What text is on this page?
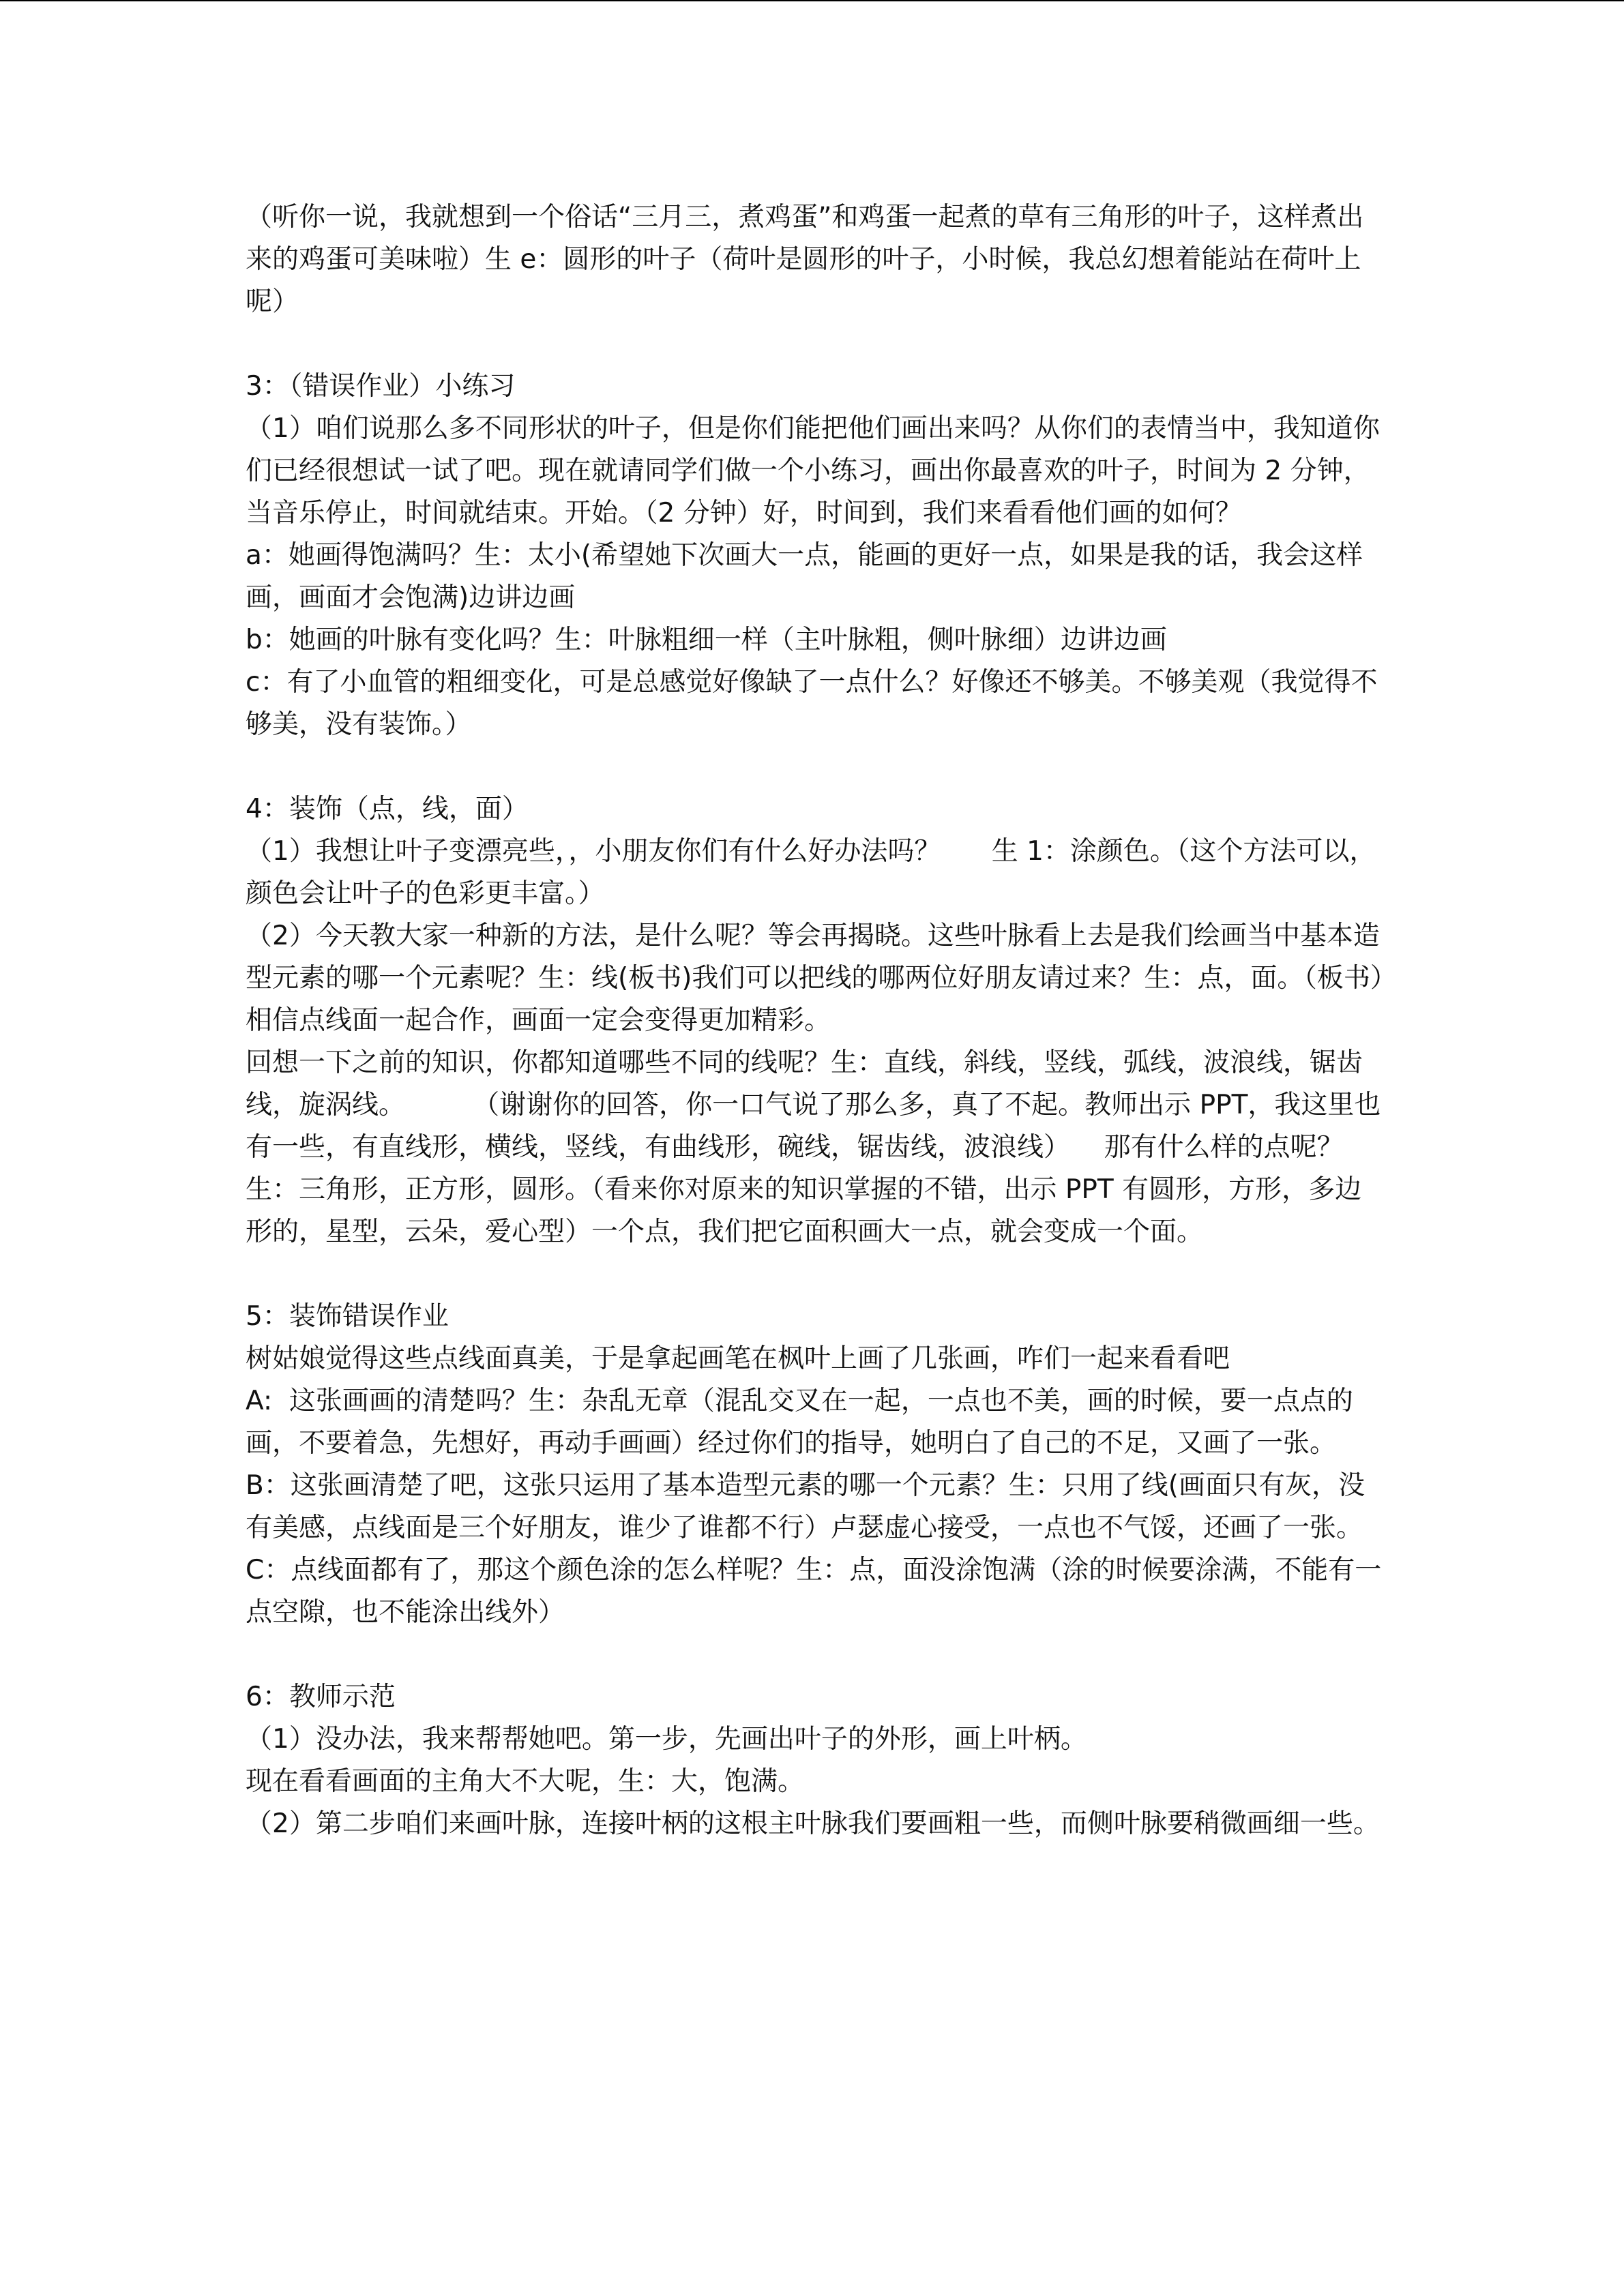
（听你一说，我就想到一个俗话“三月三，煮鸡蛋”和鸡蛋一起煮的草有三角形的叶子，这样煮出来的鸡蛋可美味啦）生 e：圆形的叶子（荷叶是圆形的叶子，小时候，我总幻想着能站在荷叶上呢）

3：（错误作业）小练习

（1）咱们说那么多不同形状的叶子，但是你们能把他们画出来吗？从你们的表情当中，我知道你们已经很想试一试了吧。现在就请同学们做一个小练习，画出你最喜欢的叶子，时间为 2 分钟，当音乐停止，时间就结束。开始。（2 分钟）好，时间到，我们来看看他们画的如何？

a：她画得饱满吗？生：太小(希望她下次画大一点，能画的更好一点，如果是我的话，我会这样画，画面才会饱满)边讲边画

b：她画的叶脉有变化吗？生：叶脉粗细一样（主叶脉粗，侧叶脉细）边讲边画

c：有了小血管的粗细变化，可是总感觉好像缺了一点什么？好像还不够美。不够美观（我觉得不够美，没有装饰。）

4：装饰（点，线，面）

（1）我想让叶子变漂亮些，，小朋友你们有什么好办法吗？      生 1：涂颜色。（这个方法可以，颜色会让叶子的色彩更丰富。）

（2）今天教大家一种新的方法，是什么呢？等会再揭晓。这些叶脉看上去是我们绘画当中基本造型元素的哪一个元素呢？生：线(板书)我们可以把线的哪两位好朋友请过来？生：点，面。（板书）相信点线面一起合作，画面一定会变得更加精彩。

回想一下之前的知识，你都知道哪些不同的线呢？生：直线，斜线，竖线，弧线，波浪线，锯齿线，旋涡线。        （谢谢你的回答，你一口气说了那么多，真了不起。教师出示 PPT，我这里也有一些，有直线形，横线，竖线，有曲线形，碗线，锯齿线，波浪线）    那有什么样的点呢？生：三角形，正方形，圆形。（看来你对原来的知识掌握的不错，出示 PPT 有圆形，方形，多边形的，星型，云朵，爱心型）一个点，我们把它面积画大一点，就会变成一个面。

5：装饰错误作业

树姑娘觉得这些点线面真美，于是拿起画笔在枫叶上画了几张画，咋们一起来看看吧

A:  这张画画的清楚吗？生：杂乱无章（混乱交叉在一起，一点也不美，画的时候，要一点点的画，不要着急，先想好，再动手画画）经过你们的指导，她明白了自己的不足，又画了一张。

B：这张画清楚了吧，这张只运用了基本造型元素的哪一个元素？生：只用了线(画面只有灰，没有美感，点线面是三个好朋友，谁少了谁都不行）卢瑟虚心接受，一点也不气馁，还画了一张。

C：点线面都有了，那这个颜色涂的怎么样呢？生：点，面没涂饱满（涂的时候要涂满，不能有一点空隙，也不能涂出线外）

6：教师示范

（1）没办法，我来帮帮她吧。第一步，先画出叶子的外形，画上叶柄。

现在看看画面的主角大不大呢，生：大，饱满。

（2）第二步咱们来画叶脉，连接叶柄的这根主叶脉我们要画粗一些，而侧叶脉要稍微画细一些。
